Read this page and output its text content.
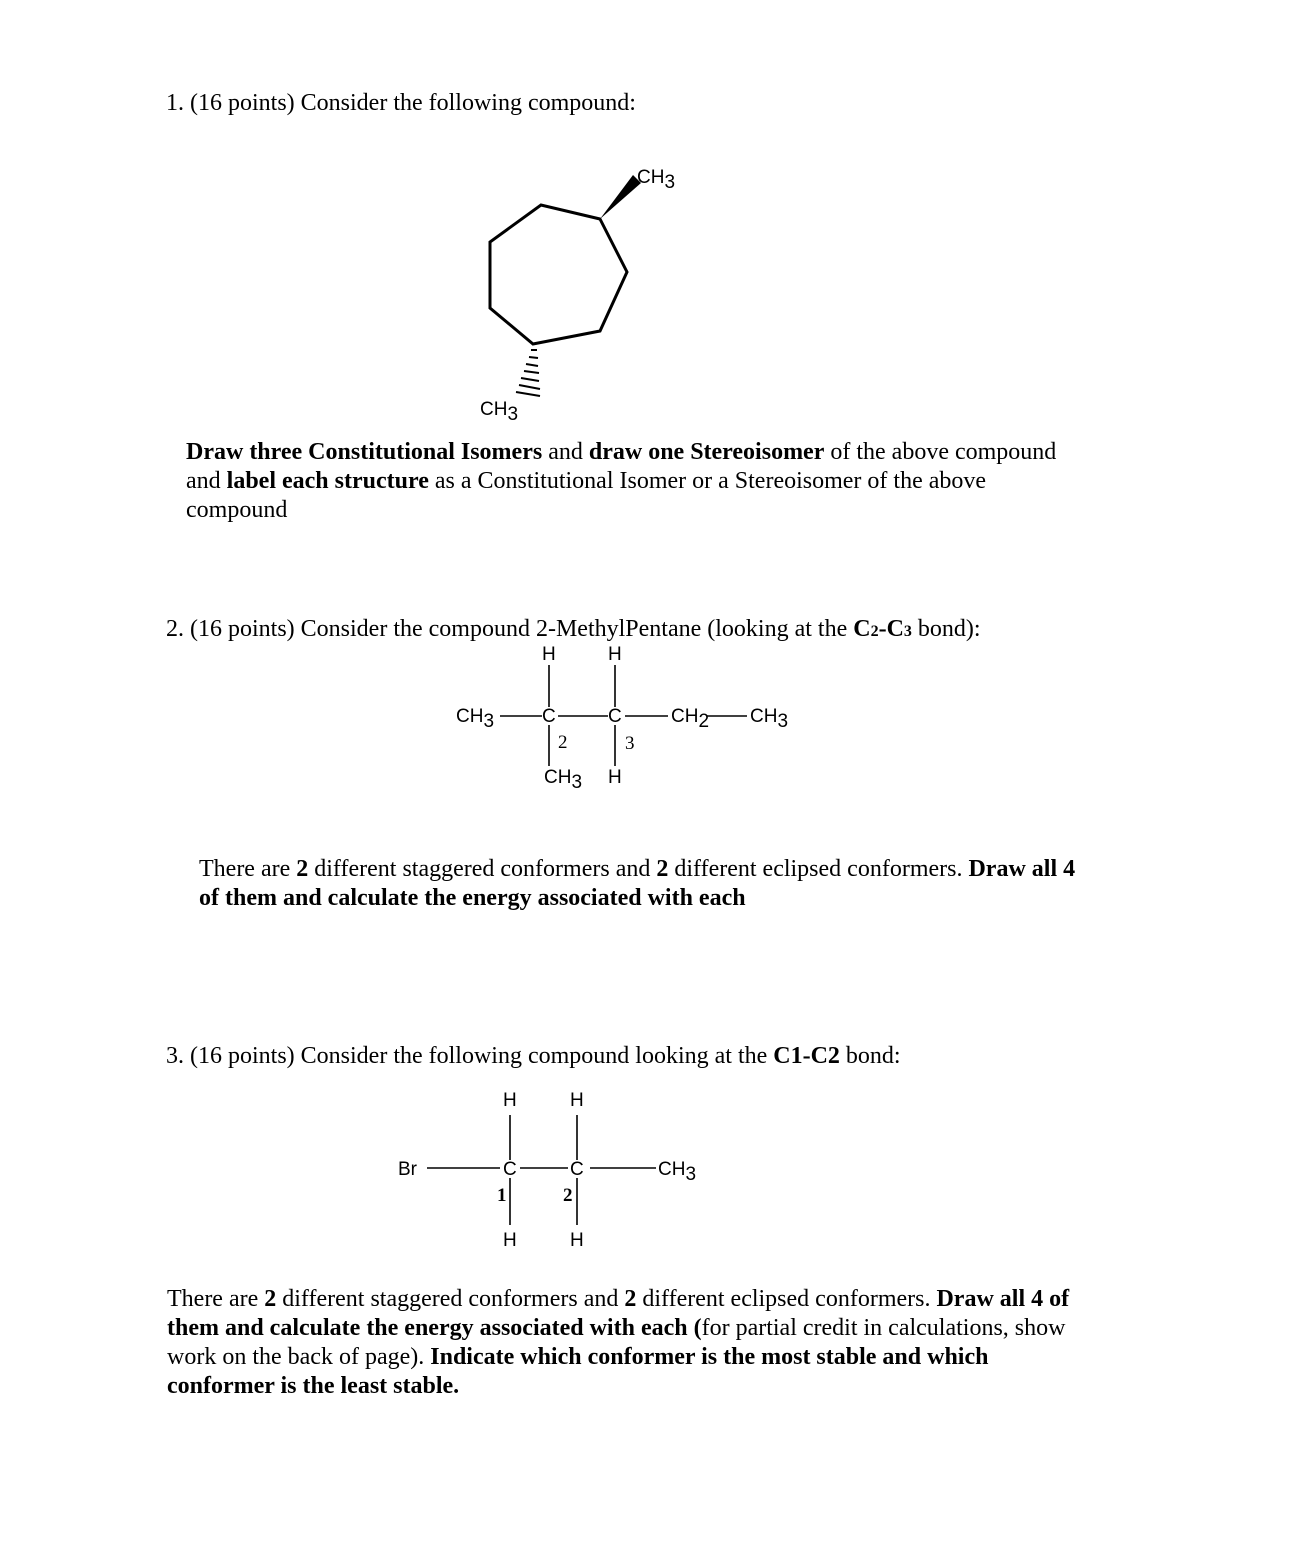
1. (16 points) Consider the following compound:
CH3
CH3
Draw three Constitutional Isomers and draw one Stereoisomer of the above compound and label each structure as a Constitutional Isomer or a Stereoisomer of the above compound
2. (16 points) Consider the compound 2-MethylPentane (looking at the C2-C3 bond):
H	H
CH3	C	C	CH2 CH3
2	3
CH3 H
There are 2 different staggered conformers and 2 different eclipsed conformers. Draw all 4 of them and calculate the energy associated with each
3. (16 points) Consider the following compound looking at the C1-C2 bond:
H	H
Br	C	C	CH3
1	2
H	H
There are 2 different staggered conformers and 2 different eclipsed conformers. Draw all 4 of them and calculate the energy associated with each (for partial credit in calculations, show work on the back of page). Indicate which conformer is the most stable and which conformer is the least stable.
